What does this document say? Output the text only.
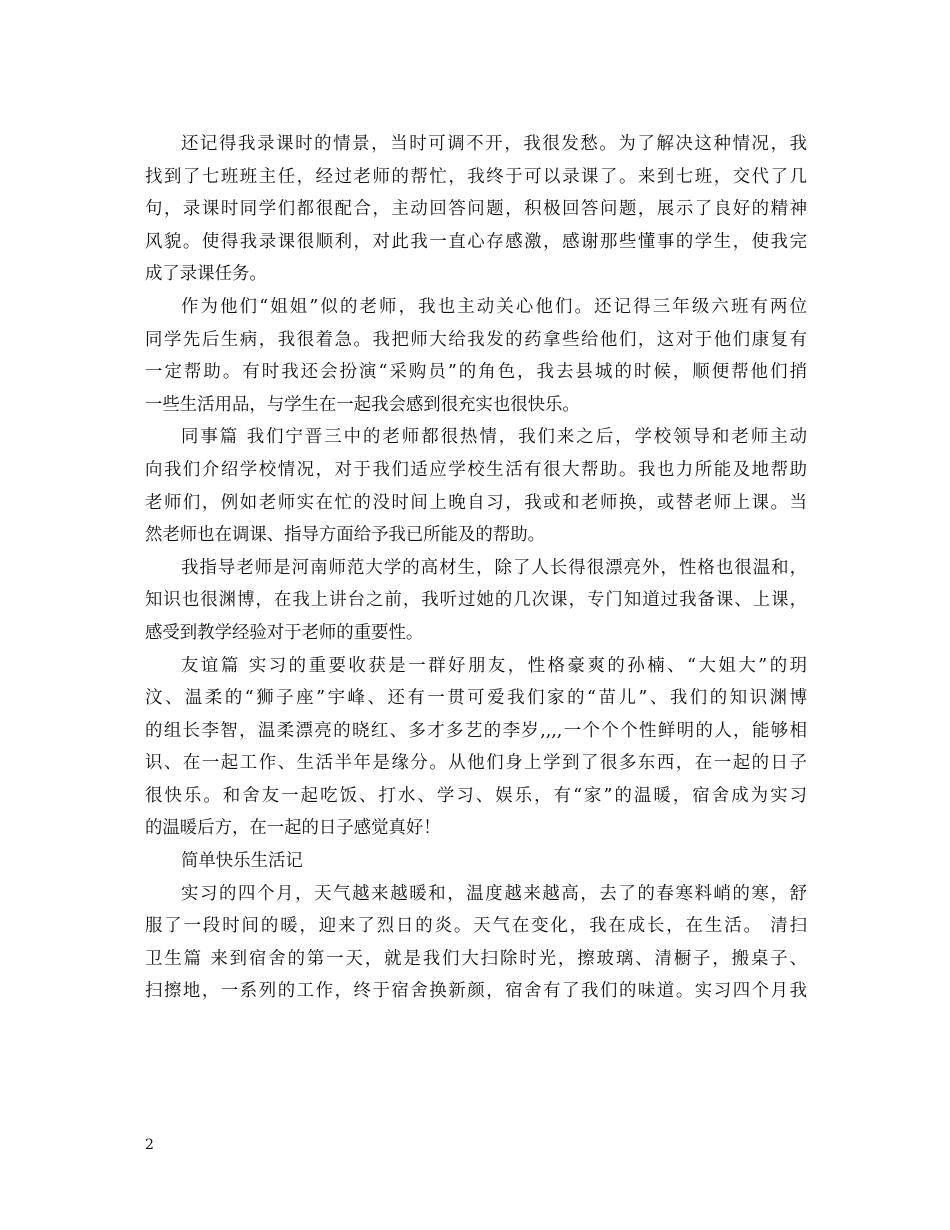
还记得我录课时的情景，当时可调不开，我很发愁。为了解决这种情况，我
找到了七班班主任，经过老师的帮忙，我终于可以录课了。来到七班，交代了几
句，录课时同学们都很配合，主动回答问题，积极回答问题，展示了良好的精神
风貌。使得我录课很顺利，对此我一直心存感激，感谢那些懂事的学生，使我完
成了录课任务。
作为他们“姐姐”似的老师，我也主动关心他们。还记得三年级六班有两位
同学先后生病，我很着急。我把师大给我发的药拿些给他们，这对于他们康复有
一定帮助。有时我还会扮演“采购员”的角色，我去县城的时候，顺便帮他们捎
一些生活用品，与学生在一起我会感到很充实也很快乐。
同事篇 我们宁晋三中的老师都很热情，我们来之后，学校领导和老师主动
向我们介绍学校情况，对于我们适应学校生活有很大帮助。我也力所能及地帮助
老师们，例如老师实在忙的没时间上晚自习，我或和老师换，或替老师上课。当
然老师也在调课、指导方面给予我已所能及的帮助。
我指导老师是河南师范大学的高材生，除了人长得很漂亮外，性格也很温和，
知识也很渊博，在我上讲台之前，我听过她的几次课，专门知道过我备课、上课，
感受到教学经验对于老师的重要性。
友谊篇 实习的重要收获是一群好朋友，性格豪爽的孙楠、“大姐大”的玥
汶、温柔的“狮子座”宇峰、还有一贯可爱我们家的“苗儿”、我们的知识渊博
的组长李智，温柔漂亮的晓红、多才多艺的李岁,,,,一个个个性鲜明的人，能够相
识、在一起工作、生活半年是缘分。从他们身上学到了很多东西，在一起的日子
很快乐。和舍友一起吃饭、打水、学习、娱乐，有“家”的温暖，宿舍成为实习
的温暖后方，在一起的日子感觉真好！
简单快乐生活记
实习的四个月，天气越来越暖和，温度越来越高，去了的春寒料峭的寒，舒
服了一段时间的暖，迎来了烈日的炎。天气在变化，我在成长，在生活。 清扫
卫生篇 来到宿舍的第一天，就是我们大扫除时光，擦玻璃、清橱子，搬桌子、
扫擦地，一系列的工作，终于宿舍换新颜，宿舍有了我们的味道。实习四个月我
2
